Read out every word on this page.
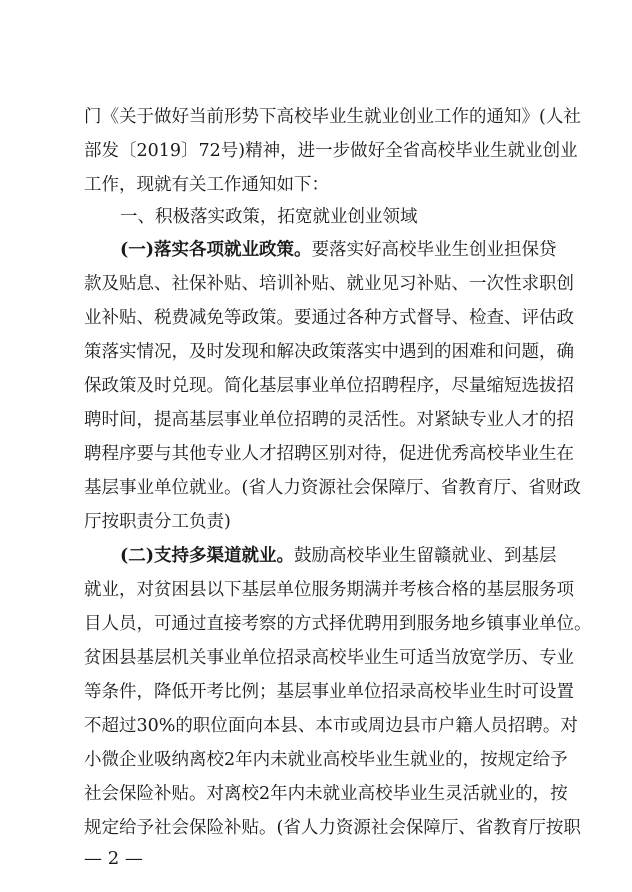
门《关于做好当前形势下高校毕业生就业创业工作的通知》(人社
部发〔2019〕72号)精神，进一步做好全省高校毕业生就业创业
工作，现就有关工作通知如下：
一、积极落实政策，拓宽就业创业领域
(一)落实各项就业政策。要落实好高校毕业生创业担保贷
款及贴息、社保补贴、培训补贴、就业见习补贴、一次性求职创
业补贴、税费减免等政策。要通过各种方式督导、检查、评估政
策落实情况，及时发现和解决政策落实中遇到的困难和问题，确
保政策及时兑现。简化基层事业单位招聘程序，尽量缩短选拔招
聘时间，提高基层事业单位招聘的灵活性。对紧缺专业人才的招
聘程序要与其他专业人才招聘区别对待，促进优秀高校毕业生在
基层事业单位就业。(省人力资源社会保障厅、省教育厅、省财政
厅按职责分工负责)
(二)支持多渠道就业。鼓励高校毕业生留赣就业、到基层
就业，对贫困县以下基层单位服务期满并考核合格的基层服务项
目人员，可通过直接考察的方式择优聘用到服务地乡镇事业单位。
贫困县基层机关事业单位招录高校毕业生可适当放宽学历、专业
等条件，降低开考比例；基层事业单位招录高校毕业生时可设置
不超过30%的职位面向本县、本市或周边县市户籍人员招聘。对
小微企业吸纳离校2年内未就业高校毕业生就业的，按规定给予
社会保险补贴。对离校2年内未就业高校毕业生灵活就业的，按
规定给予社会保险补贴。(省人力资源社会保障厅、省教育厅按职
— 2 —
